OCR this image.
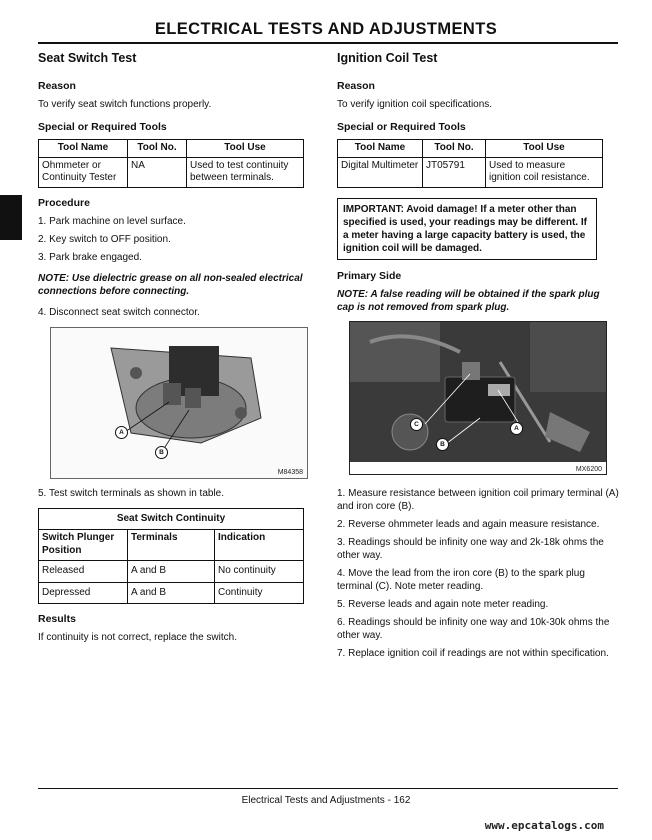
ELECTRICAL TESTS AND ADJUSTMENTS
Seat Switch Test
Reason

To verify seat switch functions properly.

Special or Required Tools
Tool Name	Tool No.	Tool Use
Ohmmeter or Continuity Tester	NA	Used to test continuity between terminals.
Procedure

1. Park machine on level surface.

2. Key switch to OFF position.

3. Park brake engaged.

NOTE: Use dielectric grease on all non-sealed electrical connections before connecting.

4. Disconnect seat switch connector.

A
B
M84358

5. Test switch terminals as shown in table.

Seat Switch Continuity		
Switch Plunger Position	Terminals	Indication
Released	A and B	No continuity
Depressed	A and B	Continuity
Results

If continuity is not correct, replace the switch.

Ignition Coil Test
Reason

To verify ignition coil specifications.

Special or Required Tools
Tool Name	Tool No.	Tool Use
Digital Multimeter	JT05791	Used to measure ignition coil resistance.
IMPORTANT: Avoid damage! If a meter other than specified is used, your readings may be different. If a meter having a large capacity battery is used, the ignition coil will be damaged.
Primary Side

NOTE: A false reading will be obtained if the spark plug cap is not removed from spark plug.

C
B
A
MX6200
1. Measure resistance between ignition coil primary terminal (A) and iron core (B).
2. Reverse ohmmeter leads and again measure resistance.
3. Readings should be infinity one way and 2k-18k ohms the other way.
4. Move the lead from the iron core (B) to the spark plug terminal (C). Note meter reading.
5. Reverse leads and again note meter reading.
6. Readings should be infinity one way and 10k-30k ohms the other way.
7. Replace ignition coil if readings are not within specification.
Electrical Tests and Adjustments - 162
www.epcatalogs.com
